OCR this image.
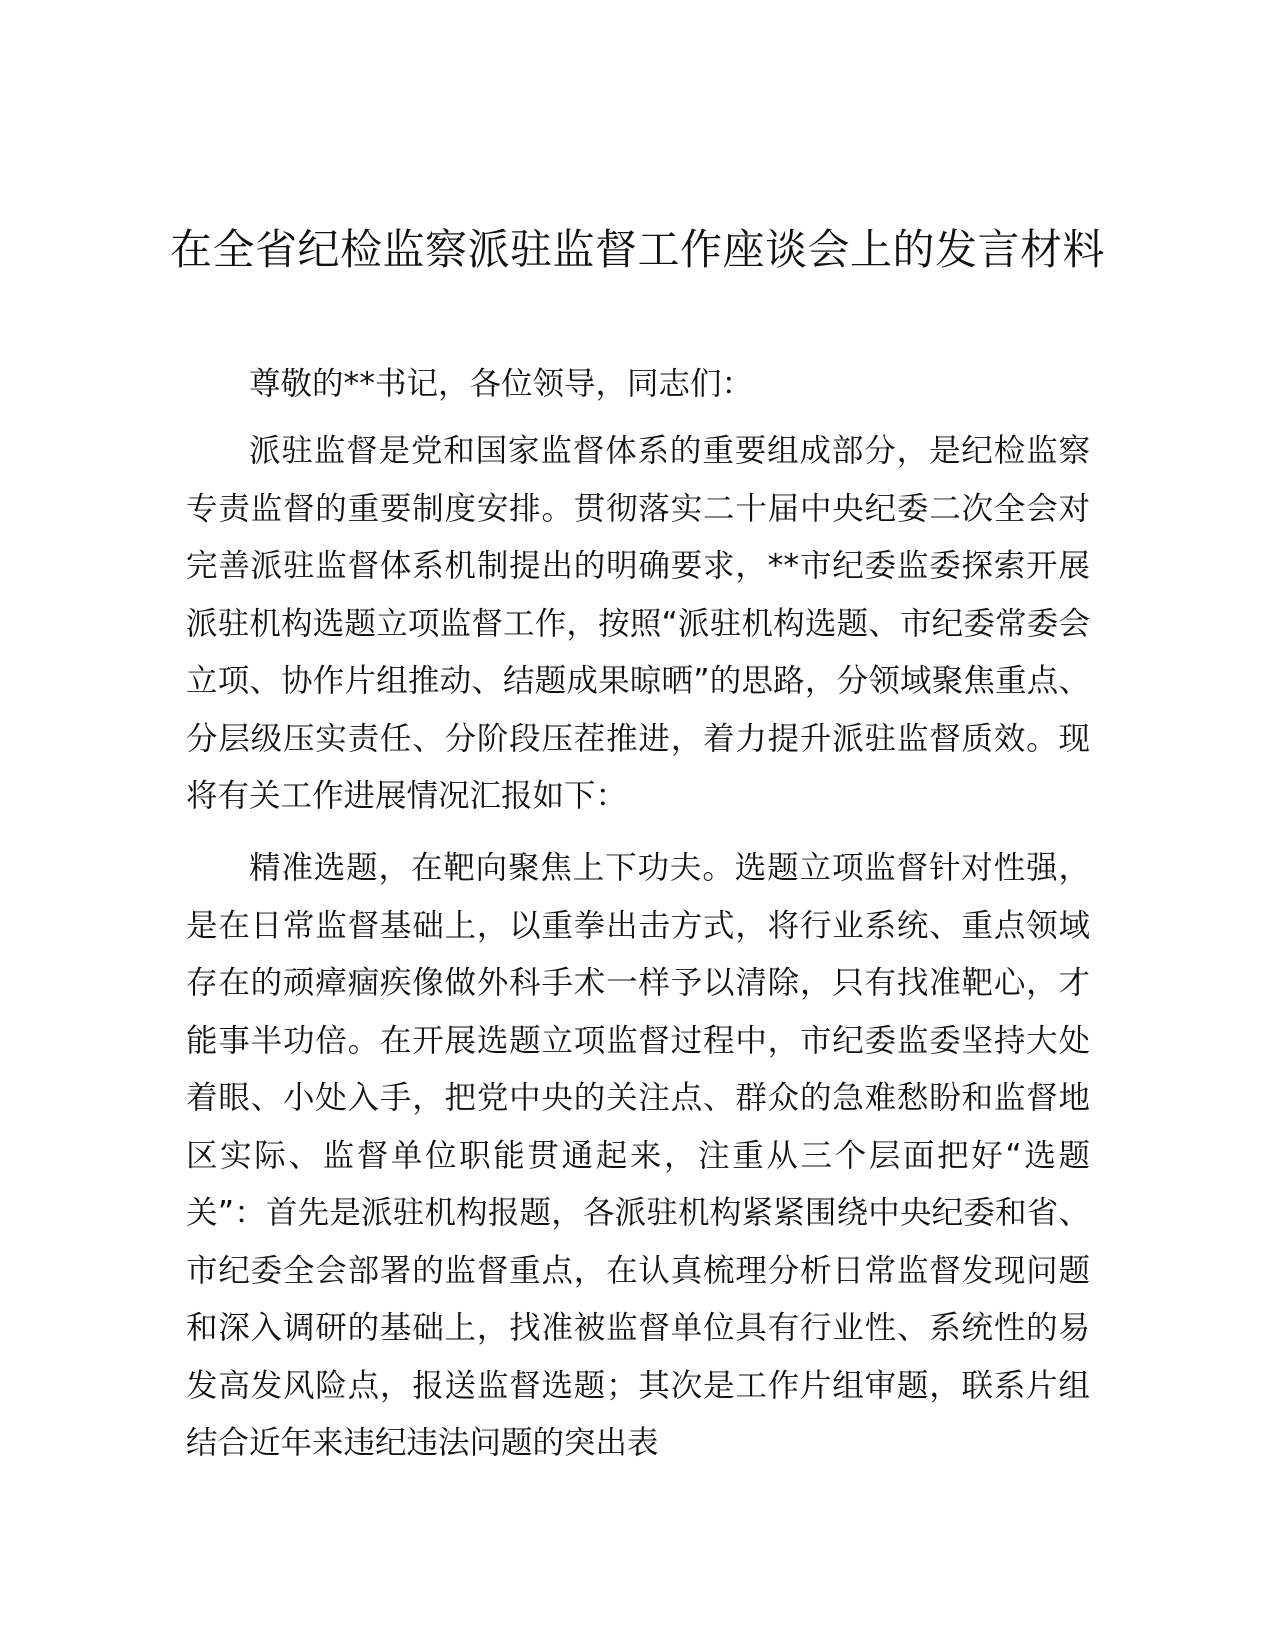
在全省纪检监察派驻监督工作座谈会上的发言材料

尊敬的**书记，各位领导，同志们：

派驻监督是党和国家监督体系的重要组成部分，是纪检监察专责监督的重要制度安排。贯彻落实二十届中央纪委二次全会对完善派驻监督体系机制提出的明确要求，**市纪委监委探索开展派驻机构选题立项监督工作，按照“派驻机构选题、市纪委常委会立项、协作片组推动、结题成果晾晒”的思路，分领域聚焦重点、分层级压实责任、分阶段压茬推进，着力提升派驻监督质效。现将有关工作进展情况汇报如下：

精准选题，在靶向聚焦上下功夫。选题立项监督针对性强，是在日常监督基础上，以重拳出击方式，将行业系统、重点领域存在的顽瘴痼疾像做外科手术一样予以清除，只有找准靶心，才能事半功倍。在开展选题立项监督过程中，市纪委监委坚持大处着眼、小处入手，把党中央的关注点、群众的急难愁盼和监督地区实际、监督单位职能贯通起来，注重从三个层面把好“选题关”：首先是派驻机构报题，各派驻机构紧紧围绕中央纪委和省、市纪委全会部署的监督重点，在认真梳理分析日常监督发现问题和深入调研的基础上，找准被监督单位具有行业性、系统性的易发高发风险点，报送监督选题；其次是工作片组审题，联系片组结合近年来违纪违法问题的突出表
